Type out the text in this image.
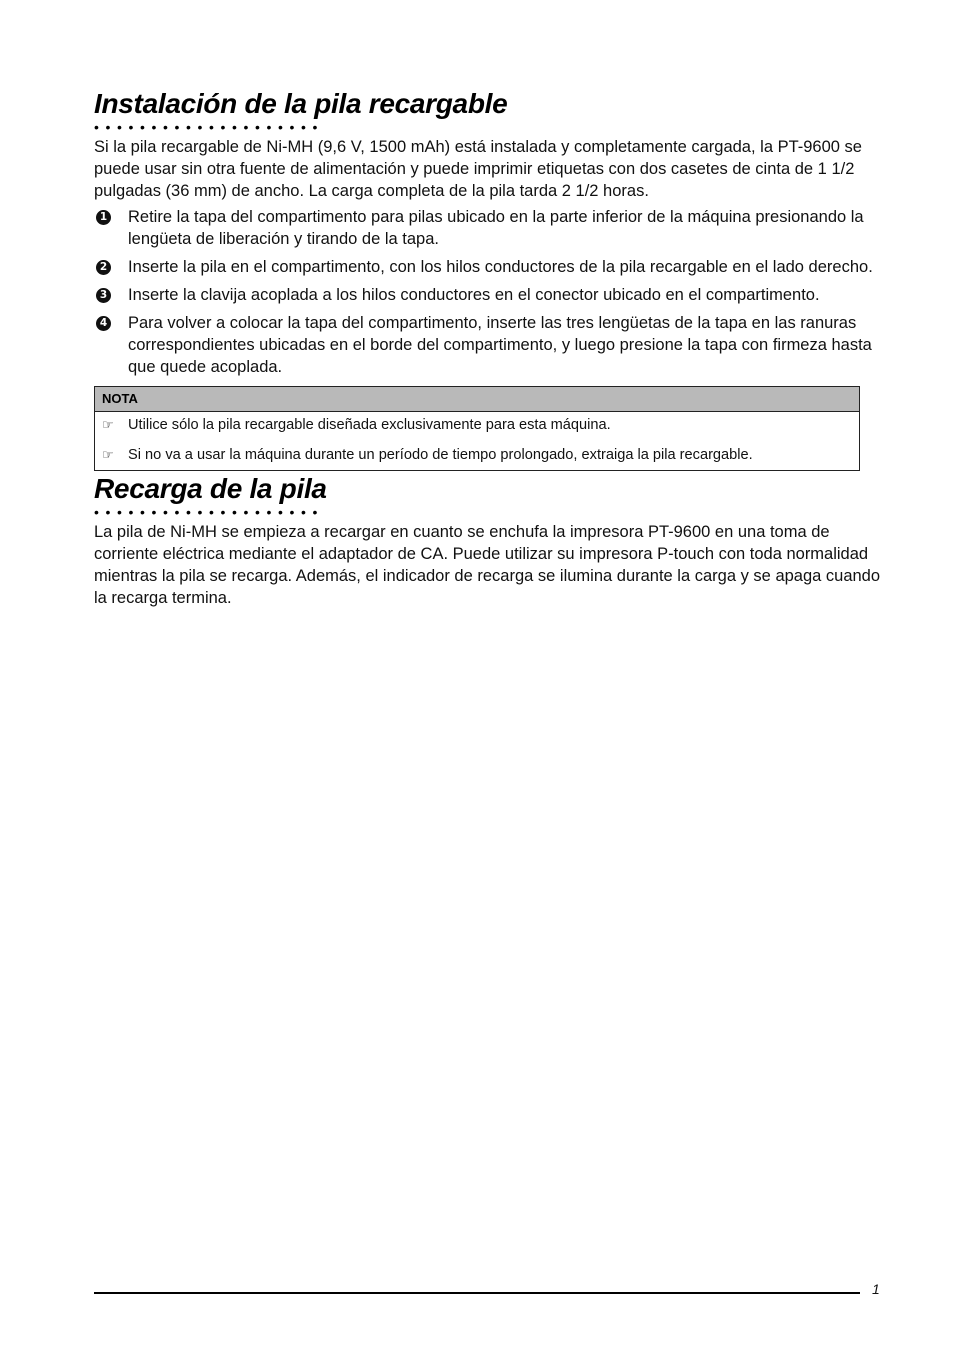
Instalación de la pila recargable
••••••••••••••••••••

Si la pila recargable de Ni-MH (9,6 V, 1500 mAh) está instalada y completamente cargada, la PT-9600 se puede usar sin otra fuente de alimentación y puede imprimir etiquetas con dos casetes de cinta de 1 1/2 pulgadas (36 mm) de ancho. La carga completa de la pila tarda 2 1/2 horas.

1 Retire la tapa del compartimento para pilas ubicado en la parte inferior de la máquina presionando la lengüeta de liberación y tirando de la tapa.
2 Inserte la pila en el compartimento, con los hilos conductores de la pila recargable en el lado derecho.
3 Inserte la clavija acoplada a los hilos conductores en el conector ubicado en el compartimento.
4 Para volver a colocar la tapa del compartimento, inserte las tres lengüetas de la tapa en las ranuras correspondientes ubicadas en el borde del compartimento, y luego presione la tapa con firmeza hasta que quede acoplada.
NOTA
☞ Utilice sólo la pila recargable diseñada exclusivamente para esta máquina.
☞ Si no va a usar la máquina durante un período de tiempo prolongado, extraiga la pila recargable.
Recarga de la pila
••••••••••••••••••••

La pila de Ni-MH se empieza a recargar en cuanto se enchufa la impresora PT-9600 en una toma de corriente eléctrica mediante el adaptador de CA. Puede utilizar su impresora P-touch con toda normalidad mientras la pila se recarga. Además, el indicador de recarga se ilumina durante la carga y se apaga cuando la recarga termina.

1
